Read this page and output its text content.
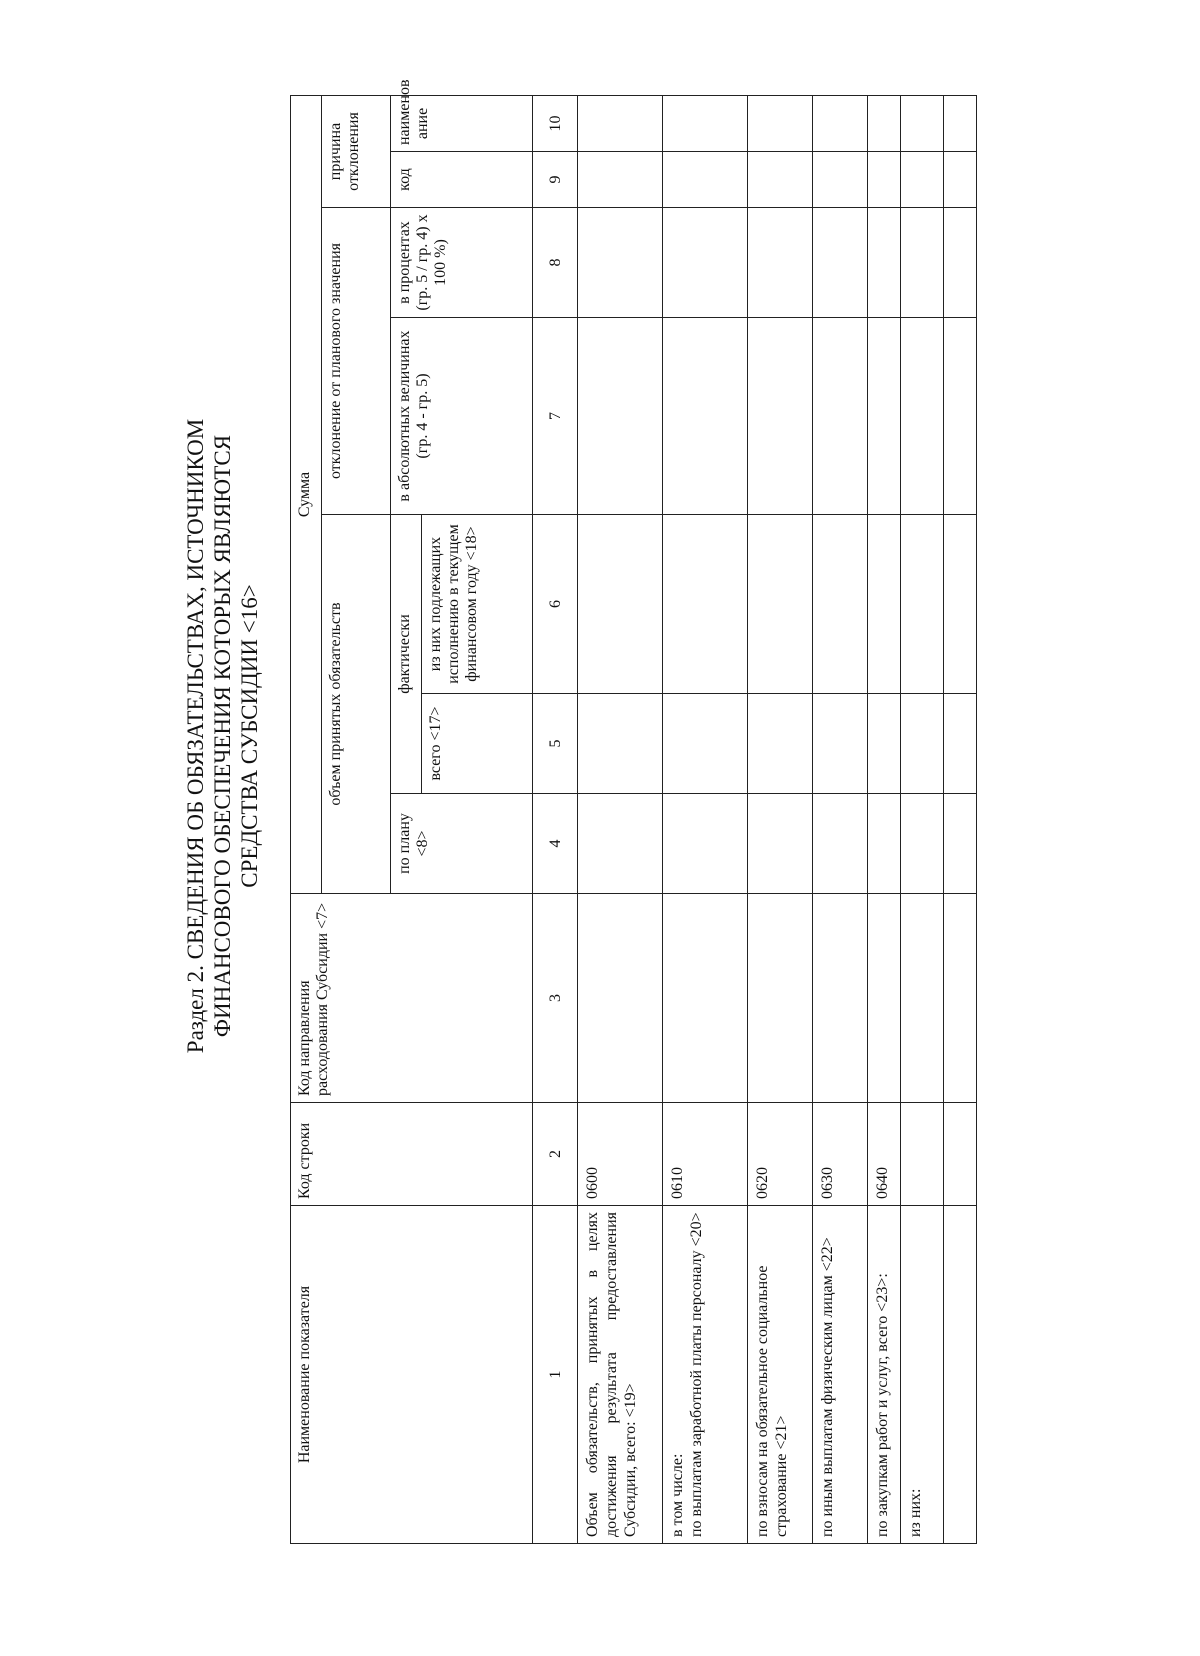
Раздел 2. СВЕДЕНИЯ ОБ ОБЯЗАТЕЛЬСТВАХ, ИСТОЧНИКОМ ФИНАНСОВОГО ОБЕСПЕЧЕНИЯ КОТОРЫХ ЯВЛЯЮТСЯ СРЕДСТВА СУБСИДИИ <16>
Наименование показателя	Код строки	Код направления расходования Субсидии <7>	Сумма						
			объем принятых обязательств			отклонение от планового значения		причина отклонения	
			по плану <8>	фактически		в абсолютных величинах (гр. 4 - гр. 5)	в процентах (гр. 5 / гр. 4) x 100 %)	код	наименов ание
				всего <17>	из них подлежащих исполнению в текущем финансовом году <18>				
1	2	3	4	5	6	7	8	9	10
Объем обязательств, принятых в целях достижения результата предоставления Субсидии, всего: <19>	0600								

в том числе: по выплатам заработной платы персоналу <20>	0610								
по взносам на обязательное социальное страхование <21>	0620								
по иным выплатам физическим лицам <22>	0630								
по закупкам работ и услуг, всего <23>:	0640								
из них:									
